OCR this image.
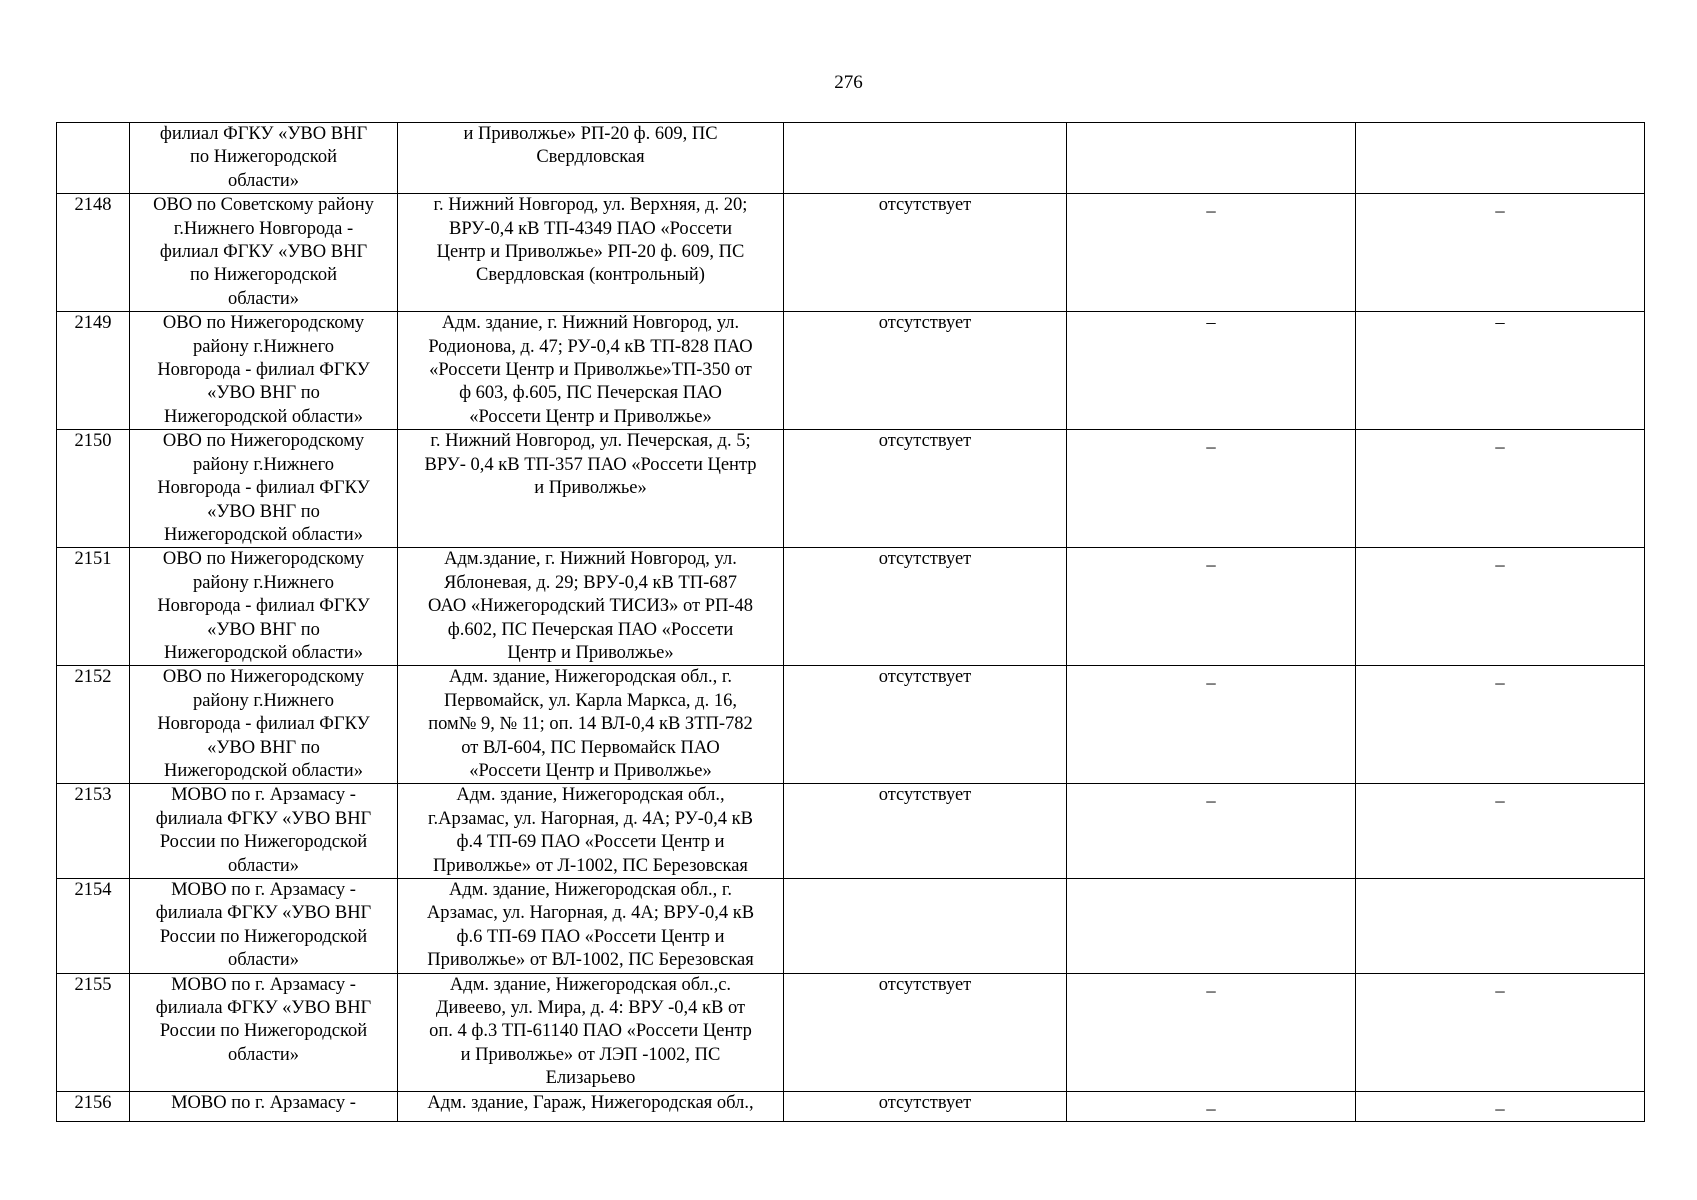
276
	филиал ФГКУ «УВО ВНГ
по Нижегородской
области»	и Приволжье» РП-20 ф. 609, ПС
Свердловская			
2148	ОВО по Советскому району
г.Нижнего Новгорода -
филиал ФГКУ «УВО ВНГ
по Нижегородской
области»	г. Нижний Новгород, ул. Верхняя, д. 20;
ВРУ-0,4 кВ ТП-4349 ПАО «Россети
Центр и Приволжье» РП-20 ф. 609, ПС
Свердловская (контрольный)	отсутствует	_	_
2149	ОВО по Нижегородскому
району г.Нижнего
Новгорода - филиал ФГКУ
«УВО ВНГ по
Нижегородской области»	Адм. здание, г. Нижний Новгород, ул.
Родионова, д. 47; РУ-0,4 кВ ТП-828 ПАО
«Россети Центр и Приволжье»ТП-350 от
ф 603, ф.605, ПС Печерская ПАО
«Россети Центр и Приволжье»	отсутствует	–	–
2150	ОВО по Нижегородскому
району г.Нижнего
Новгорода - филиал ФГКУ
«УВО ВНГ по
Нижегородской области»	г. Нижний Новгород, ул. Печерская, д. 5;
ВРУ- 0,4 кВ ТП-357 ПАО «Россети Центр
и Приволжье»	отсутствует	_	_
2151	ОВО по Нижегородскому
району г.Нижнего
Новгорода - филиал ФГКУ
«УВО ВНГ по
Нижегородской области»	Адм.здание, г. Нижний Новгород, ул.
Яблоневая, д. 29; ВРУ-0,4 кВ ТП-687
ОАО «Нижегородский ТИСИЗ» от РП-48
ф.602, ПС Печерская ПАО «Россети
Центр и Приволжье»	отсутствует	_	_
2152	ОВО по Нижегородскому
району г.Нижнего
Новгорода - филиал ФГКУ
«УВО ВНГ по
Нижегородской области»	Адм. здание, Нижегородская обл., г.
Первомайск, ул. Карла Маркса, д. 16,
пом№ 9, № 11; оп. 14 ВЛ-0,4 кВ ЗТП-782
от ВЛ-604, ПС Первомайск ПАО
«Россети Центр и Приволжье»	отсутствует	_	_
2153	МОВО по г. Арзамасу -
филиала ФГКУ «УВО ВНГ
России по Нижегородской
области»	Адм. здание, Нижегородская обл.,
г.Арзамас, ул. Нагорная, д. 4А; РУ-0,4 кВ
ф.4 ТП-69 ПАО «Россети Центр и
Приволжье» от Л-1002, ПС Березовская	отсутствует	_	_
2154	МОВО по г. Арзамасу -
филиала ФГКУ «УВО ВНГ
России по Нижегородской
области»	Адм. здание, Нижегородская обл., г.
Арзамас, ул. Нагорная, д. 4А; ВРУ-0,4 кВ
ф.6 ТП-69 ПАО «Россети Центр и
Приволжье» от ВЛ-1002, ПС Березовская			
2155	МОВО по г. Арзамасу -
филиала ФГКУ «УВО ВНГ
России по Нижегородской
области»	Адм. здание, Нижегородская обл.,с.
Дивеево, ул. Мира, д. 4: ВРУ -0,4 кВ от
оп. 4 ф.3 ТП-61140 ПАО «Россети Центр
и Приволжье» от ЛЭП -1002, ПС
Елизарьево	отсутствует	_	_
2156	МОВО по г. Арзамасу -	Адм. здание, Гараж, Нижегородская обл.,	отсутствует	_	_
